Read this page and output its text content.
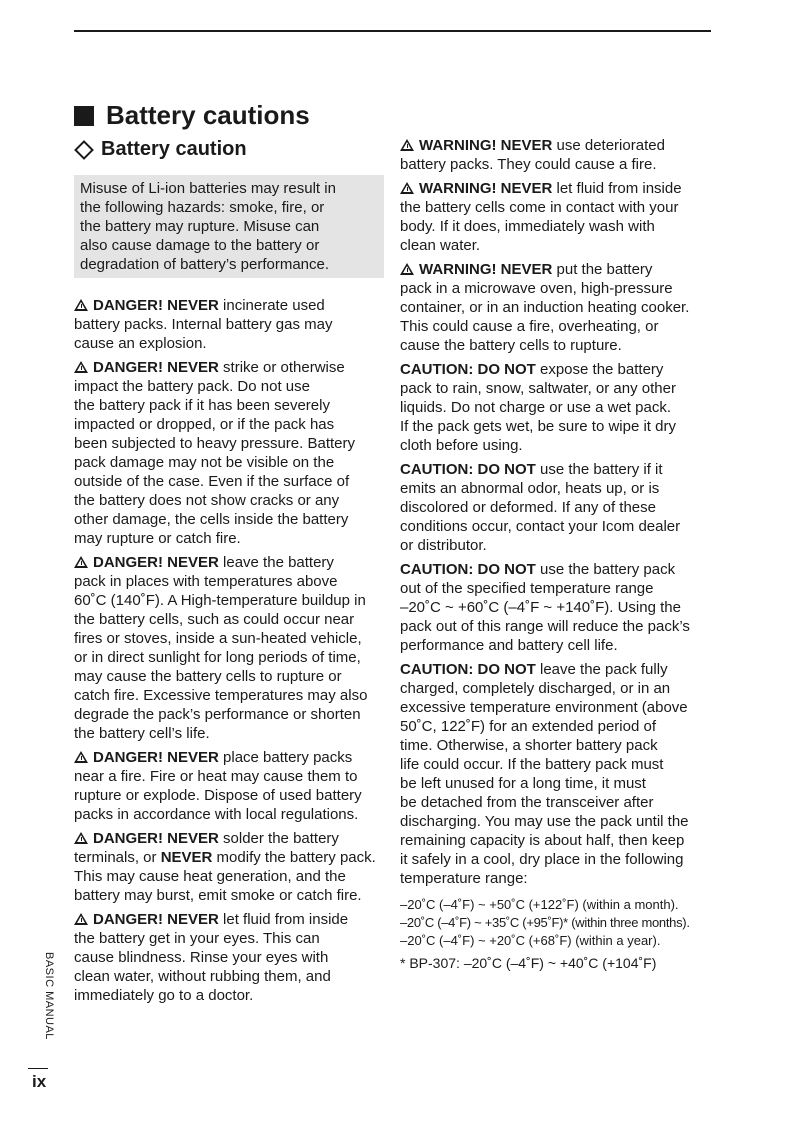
Battery cautions
Battery caution
Misuse of Li-ion batteries may result in
the following hazards: smoke, fire, or
the battery may rupture. Misuse can
also cause damage to the battery or
degradation of battery’s performance.
DANGER! NEVER incinerate used
battery packs. Internal battery gas may
cause an explosion.
DANGER! NEVER strike or otherwise
impact the battery pack. Do not use
the battery pack if it has been severely
impacted or dropped, or if the pack has
been subjected to heavy pressure. Battery
pack damage may not be visible on the
outside of the case. Even if the surface of
the battery does not show cracks or any
other damage, the cells inside the battery
may rupture or catch fire.
DANGER! NEVER leave the battery
pack in places with temperatures above
60˚C (140˚F). A High-temperature buildup in
the battery cells, such as could occur near
fires or stoves, inside a sun-heated vehicle,
or in direct sunlight for long periods of time,
may cause the battery cells to rupture or
catch fire. Excessive temperatures may also
degrade the pack’s performance or shorten
the battery cell’s life.
DANGER! NEVER place battery packs
near a fire. Fire or heat may cause them to
rupture or explode. Dispose of used battery
packs in accordance with local regulations.
DANGER! NEVER solder the battery
terminals, or NEVER modify the battery pack.
This may cause heat generation, and the
battery may burst, emit smoke or catch fire.
DANGER! NEVER let fluid from inside
the battery get in your eyes. This can
cause blindness. Rinse your eyes with
clean water, without rubbing them, and
immediately go to a doctor.
WARNING! NEVER use deteriorated
battery packs. They could cause a fire.
WARNING! NEVER let fluid from inside
the battery cells come in contact with your
body. If it does, immediately wash with
clean water.
WARNING! NEVER put the battery
pack in a microwave oven, high-pressure
container, or in an induction heating cooker.
This could cause a fire, overheating, or
cause the battery cells to rupture.
CAUTION: DO NOT expose the battery
pack to rain, snow, saltwater, or any other
liquids. Do not charge or use a wet pack.
If the pack gets wet, be sure to wipe it dry
cloth before using.
CAUTION: DO NOT use the battery if it
emits an abnormal odor, heats up, or is
discolored or deformed. If any of these
conditions occur, contact your Icom dealer
or distributor.
CAUTION: DO NOT use the battery pack
out of the specified temperature range
–20˚C ~ +60˚C (–4˚F ~ +140˚F). Using the
pack out of this range will reduce the pack’s
performance and battery cell life.
CAUTION: DO NOT leave the pack fully
charged, completely discharged, or in an
excessive temperature environment (above
50˚C, 122˚F) for an extended period of
time. Otherwise, a shorter battery pack
life could occur. If the battery pack must
be left unused for a long time, it must
be detached from the transceiver after
discharging. You may use the pack until the
remaining capacity is about half, then keep
it safely in a cool, dry place in the following
temperature range:
–20˚C (–4˚F) ~ +50˚C (+122˚F) (within a month).
–20˚C (–4˚F) ~ +35˚C (+95˚F)* (within three months).
–20˚C (–4˚F) ~ +20˚C (+68˚F) (within a year).
* BP-307: –20˚C (–4˚F) ~ +40˚C (+104˚F)
BASIC MANUAL
ix
